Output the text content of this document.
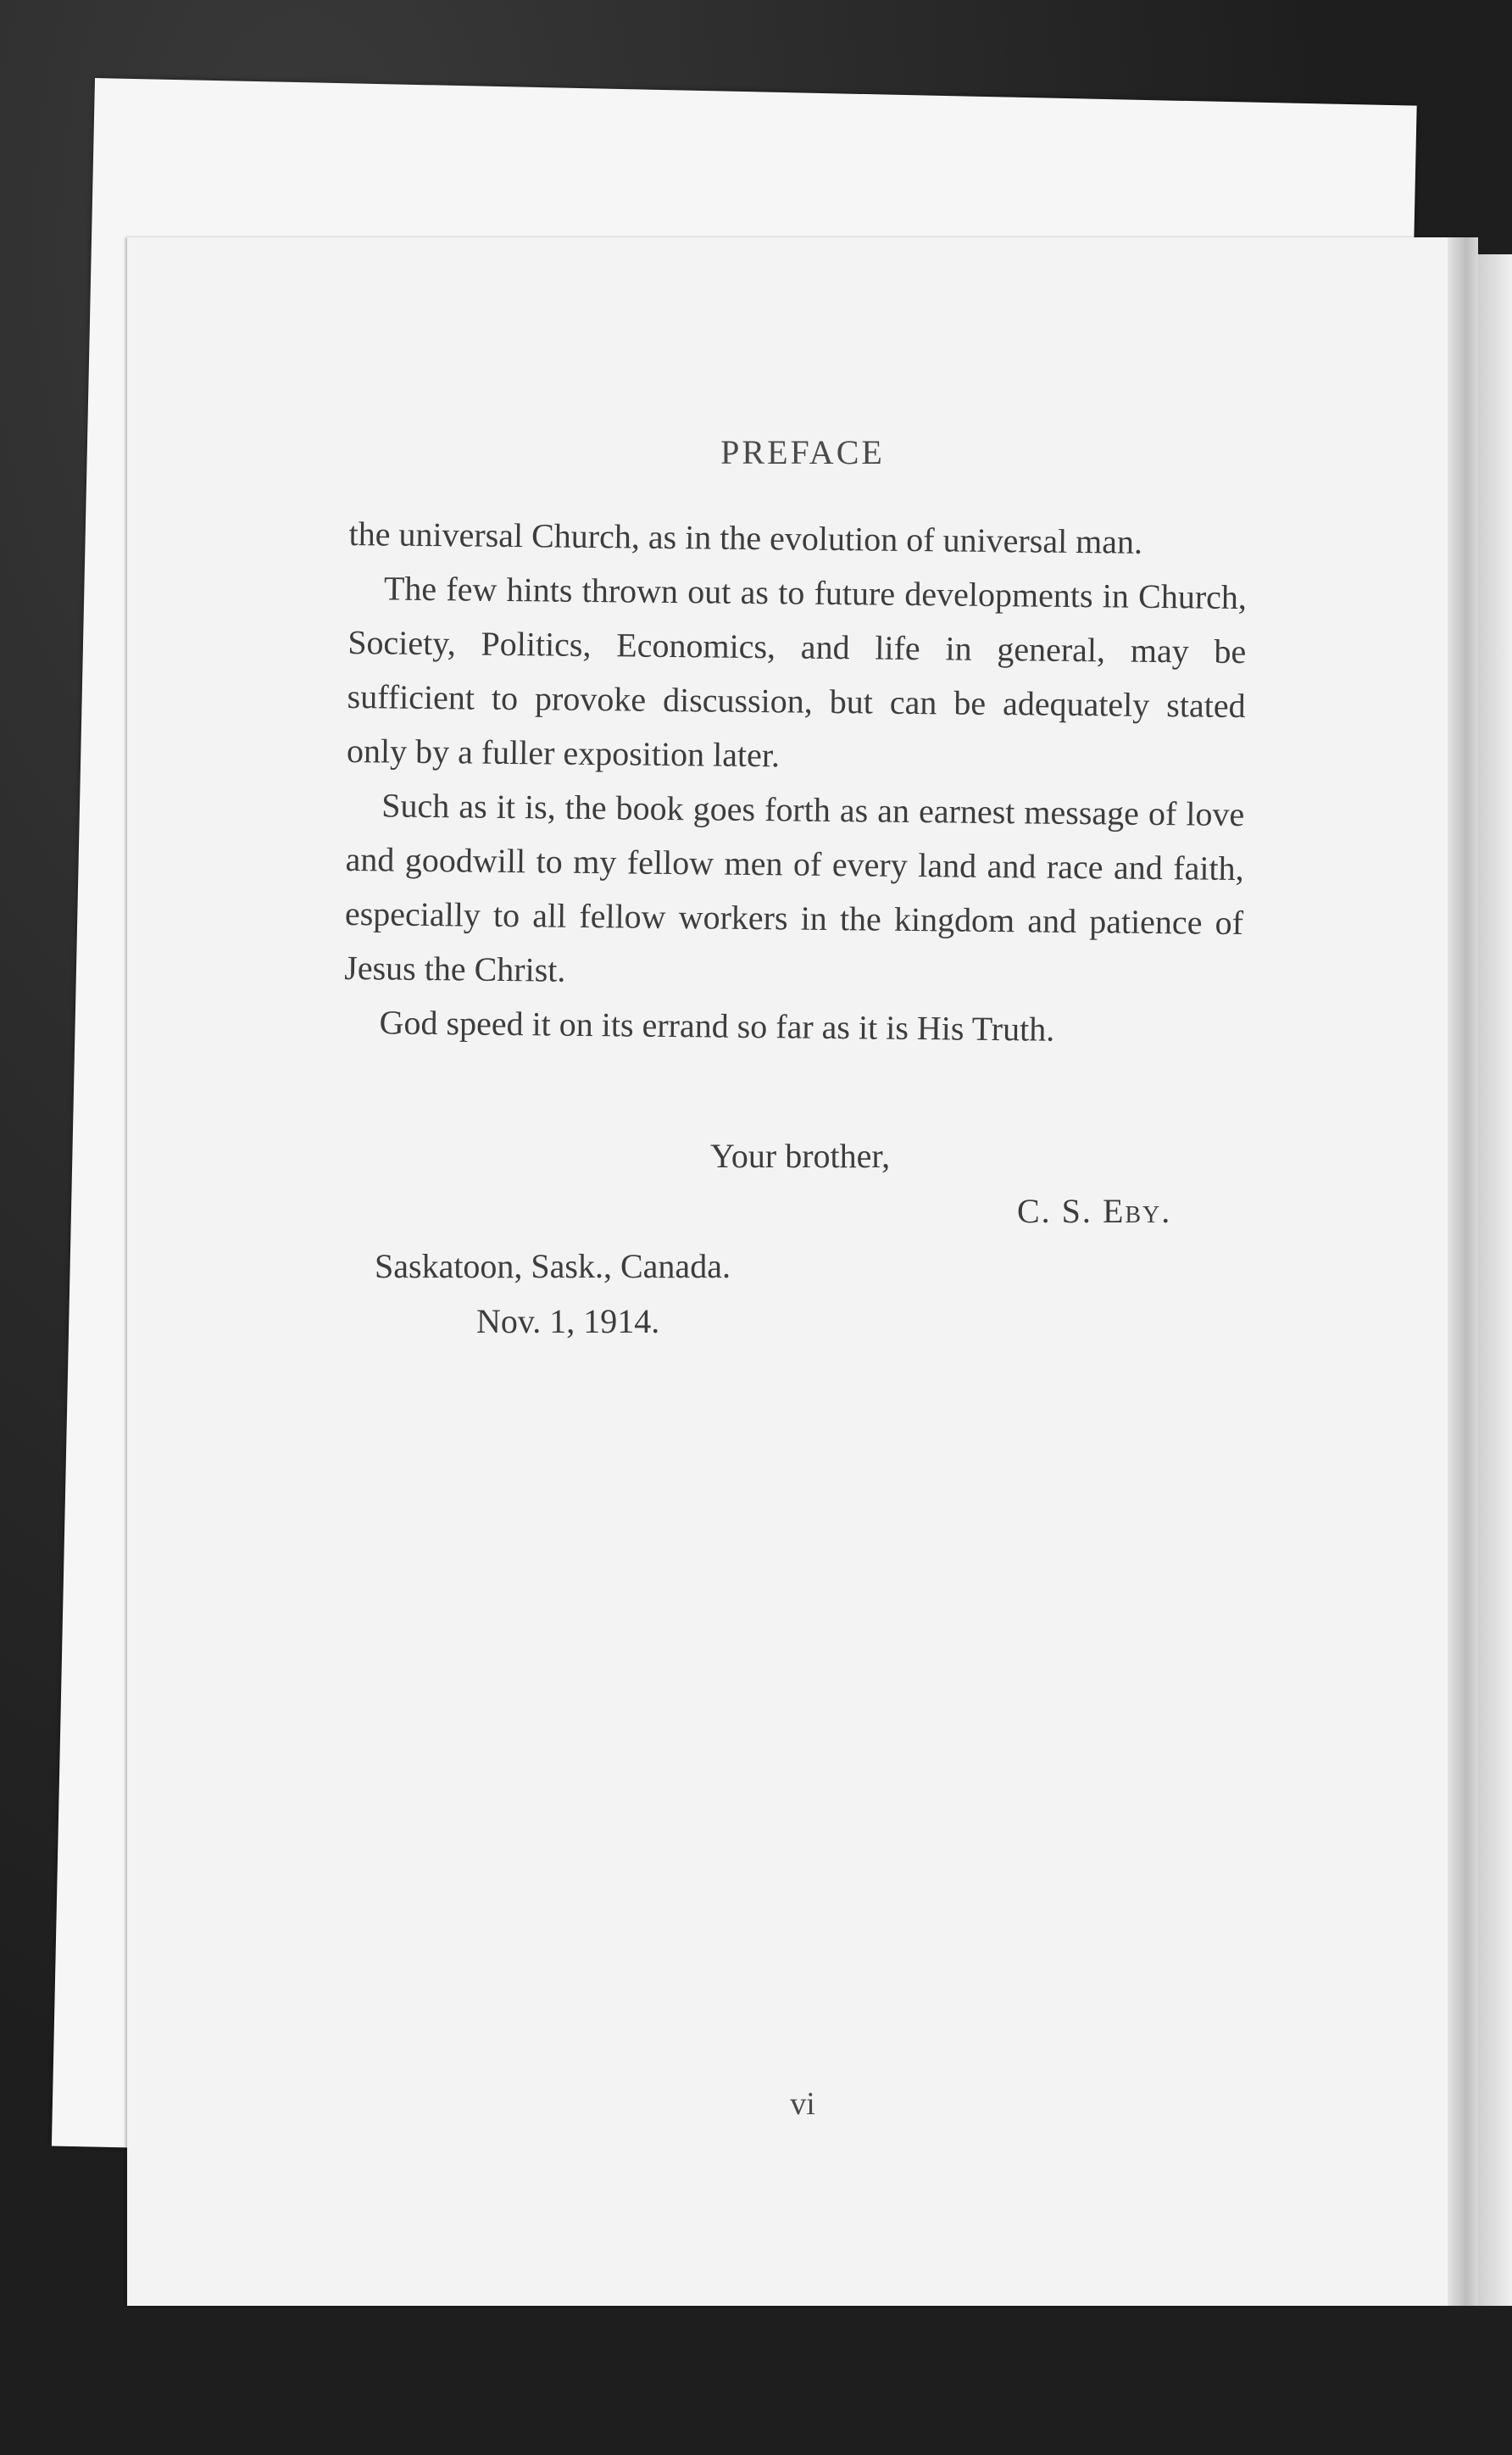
PREFACE

the universal Church, as in the evolution of universal man.

The few hints thrown out as to future developments in Church, Society, Politics, Economics, and life in general, may be sufficient to provoke discussion, but can be adequately stated only by a fuller exposition later.

Such as it is, the book goes forth as an earnest message of love and goodwill to my fellow men of every land and race and faith, especially to all fellow workers in the kingdom and patience of Jesus the Christ.

God speed it on its errand so far as it is His Truth.

Your brother,
C. S. Eby.
Saskatoon, Sask., Canada.
Nov. 1, 1914.
vi
